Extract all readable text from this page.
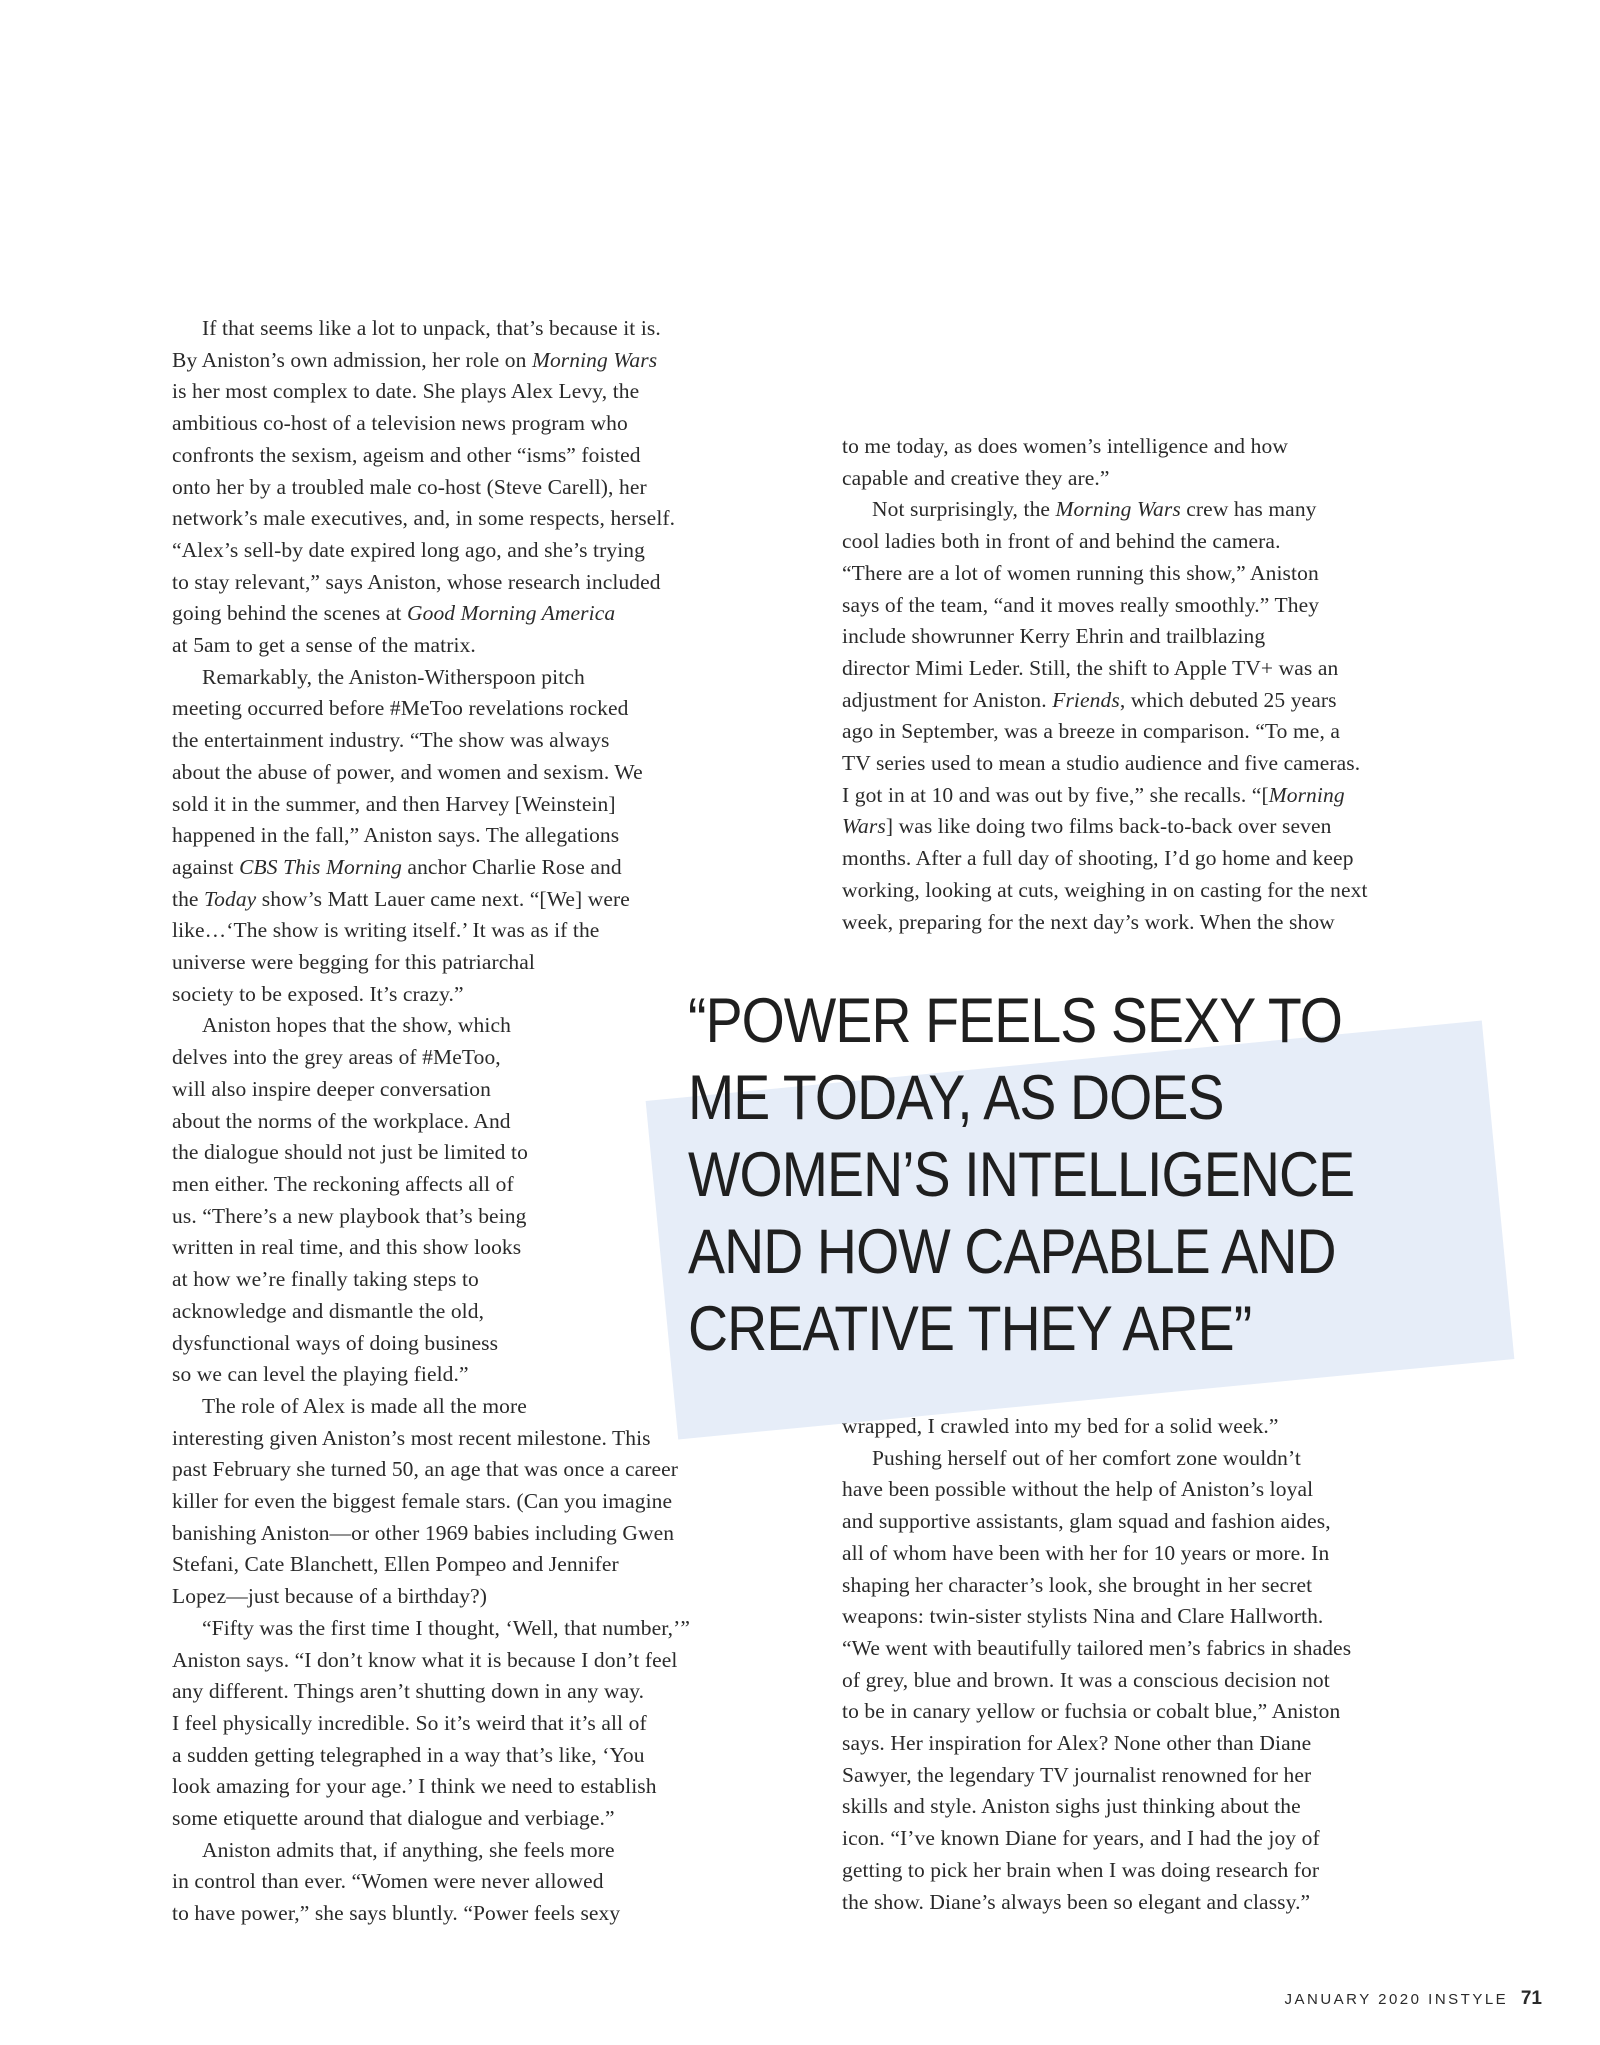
If that seems like a lot to unpack, that’s because it is.
By Aniston’s own admission, her role on Morning Wars
is her most complex to date. She plays Alex Levy, the
ambitious co-host of a television news program who
confronts the sexism, ageism and other “isms” foisted
onto her by a troubled male co-host (Steve Carell), her
network’s male executives, and, in some respects, herself.
“Alex’s sell-by date expired long ago, and she’s trying
to stay relevant,” says Aniston, whose research included
going behind the scenes at Good Morning America
at 5am to get a sense of the matrix.
Remarkably, the Aniston-Witherspoon pitch
meeting occurred before #MeToo revelations rocked
the entertainment industry. “The show was always
about the abuse of power, and women and sexism. We
sold it in the summer, and then Harvey [Weinstein]
happened in the fall,” Aniston says. The allegations
against CBS This Morning anchor Charlie Rose and
the Today show’s Matt Lauer came next. “[We] were
like…‘The show is writing itself.’ It was as if the
universe were begging for this patriarchal
society to be exposed. It’s crazy.”
Aniston hopes that the show, which
delves into the grey areas of #MeToo,
will also inspire deeper conversation
about the norms of the workplace. And
the dialogue should not just be limited to
men either. The reckoning affects all of
us. “There’s a new playbook that’s being
written in real time, and this show looks
at how we’re finally taking steps to
acknowledge and dismantle the old,
dysfunctional ways of doing business
so we can level the playing field.”
The role of Alex is made all the more
interesting given Aniston’s most recent milestone. This
past February she turned 50, an age that was once a career
killer for even the biggest female stars. (Can you imagine
banishing Aniston—or other 1969 babies including Gwen
Stefani, Cate Blanchett, Ellen Pompeo and Jennifer
Lopez—just because of a birthday?)
“Fifty was the first time I thought, ‘Well, that number,’”
Aniston says. “I don’t know what it is because I don’t feel
any different. Things aren’t shutting down in any way.
I feel physically incredible. So it’s weird that it’s all of
a sudden getting telegraphed in a way that’s like, ‘You
look amazing for your age.’ I think we need to establish
some etiquette around that dialogue and verbiage.”
Aniston admits that, if anything, she feels more
in control than ever. “Women were never allowed
to have power,” she says bluntly. “Power feels sexy
“POWER FEELS SEXY TO
ME TODAY, AS DOES
WOMEN’S INTELLIGENCE
AND HOW CAPABLE AND
CREATIVE THEY ARE”
to me today, as does women’s intelligence and how
capable and creative they are.”
Not surprisingly, the Morning Wars crew has many
cool ladies both in front of and behind the camera.
“There are a lot of women running this show,” Aniston
says of the team, “and it moves really smoothly.” They
include showrunner Kerry Ehrin and trailblazing
director Mimi Leder. Still, the shift to Apple TV+ was an
adjustment for Aniston. Friends, which debuted 25 years
ago in September, was a breeze in comparison. “To me, a
TV series used to mean a studio audience and five cameras.
I got in at 10 and was out by five,” she recalls. “[Morning
Wars] was like doing two films back-to-back over seven
months. After a full day of shooting, I’d go home and keep
working, looking at cuts, weighing in on casting for the next
week, preparing for the next day’s work. When the show
wrapped, I crawled into my bed for a solid week.”
Pushing herself out of her comfort zone wouldn’t
have been possible without the help of Aniston’s loyal
and supportive assistants, glam squad and fashion aides,
all of whom have been with her for 10 years or more. In
shaping her character’s look, she brought in her secret
weapons: twin-sister stylists Nina and Clare Hallworth.
“We went with beautifully tailored men’s fabrics in shades
of grey, blue and brown. It was a conscious decision not
to be in canary yellow or fuchsia or cobalt blue,” Aniston
says. Her inspiration for Alex? None other than Diane
Sawyer, the legendary TV journalist renowned for her
skills and style. Aniston sighs just thinking about the
icon. “I’ve known Diane for years, and I had the joy of
getting to pick her brain when I was doing research for
the show. Diane’s always been so elegant and classy.”
JANUARY 2020 INSTYLE 71
